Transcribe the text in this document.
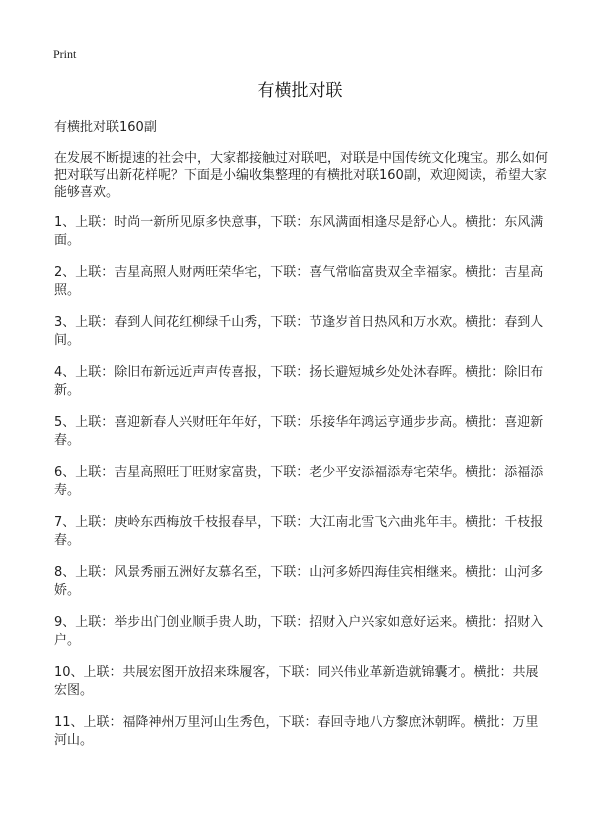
Print
有横批对联
有横批对联160副
在发展不断提速的社会中，大家都接触过对联吧，对联是中国传统文化瑰宝。那么如何把对联写出新花样呢？下面是小编收集整理的有横批对联160副，欢迎阅读，希望大家能够喜欢。
1、上联：时尚一新所见原多快意事，下联：东风满面相逢尽是舒心人。横批：东风满面。
2、上联：吉星高照人财两旺荣华宅，下联：喜气常临富贵双全幸福家。横批：吉星高照。
3、上联：春到人间花红柳绿千山秀，下联：节逢岁首日热风和万水欢。横批：春到人间。
4、上联：除旧布新远近声声传喜报，下联：扬长避短城乡处处沐春晖。横批：除旧布新。
5、上联：喜迎新春人兴财旺年年好，下联：乐接华年鸿运亨通步步高。横批：喜迎新春。
6、上联：吉星高照旺丁旺财家富贵，下联：老少平安添福添寿宅荣华。横批：添福添寿。
7、上联：庚岭东西梅放千枝报春早，下联：大江南北雪飞六曲兆年丰。横批：千枝报春。
8、上联：风景秀丽五洲好友慕名至，下联：山河多娇四海佳宾相继来。横批：山河多娇。
9、上联：举步出门创业顺手贵人助，下联：招财入户兴家如意好运来。横批：招财入户。
10、上联：共展宏图开放招来珠履客，下联：同兴伟业革新造就锦囊才。横批：共展宏图。
11、上联：福降神州万里河山生秀色，下联：春回寺地八方黎庶沐朝晖。横批：万里河山。
